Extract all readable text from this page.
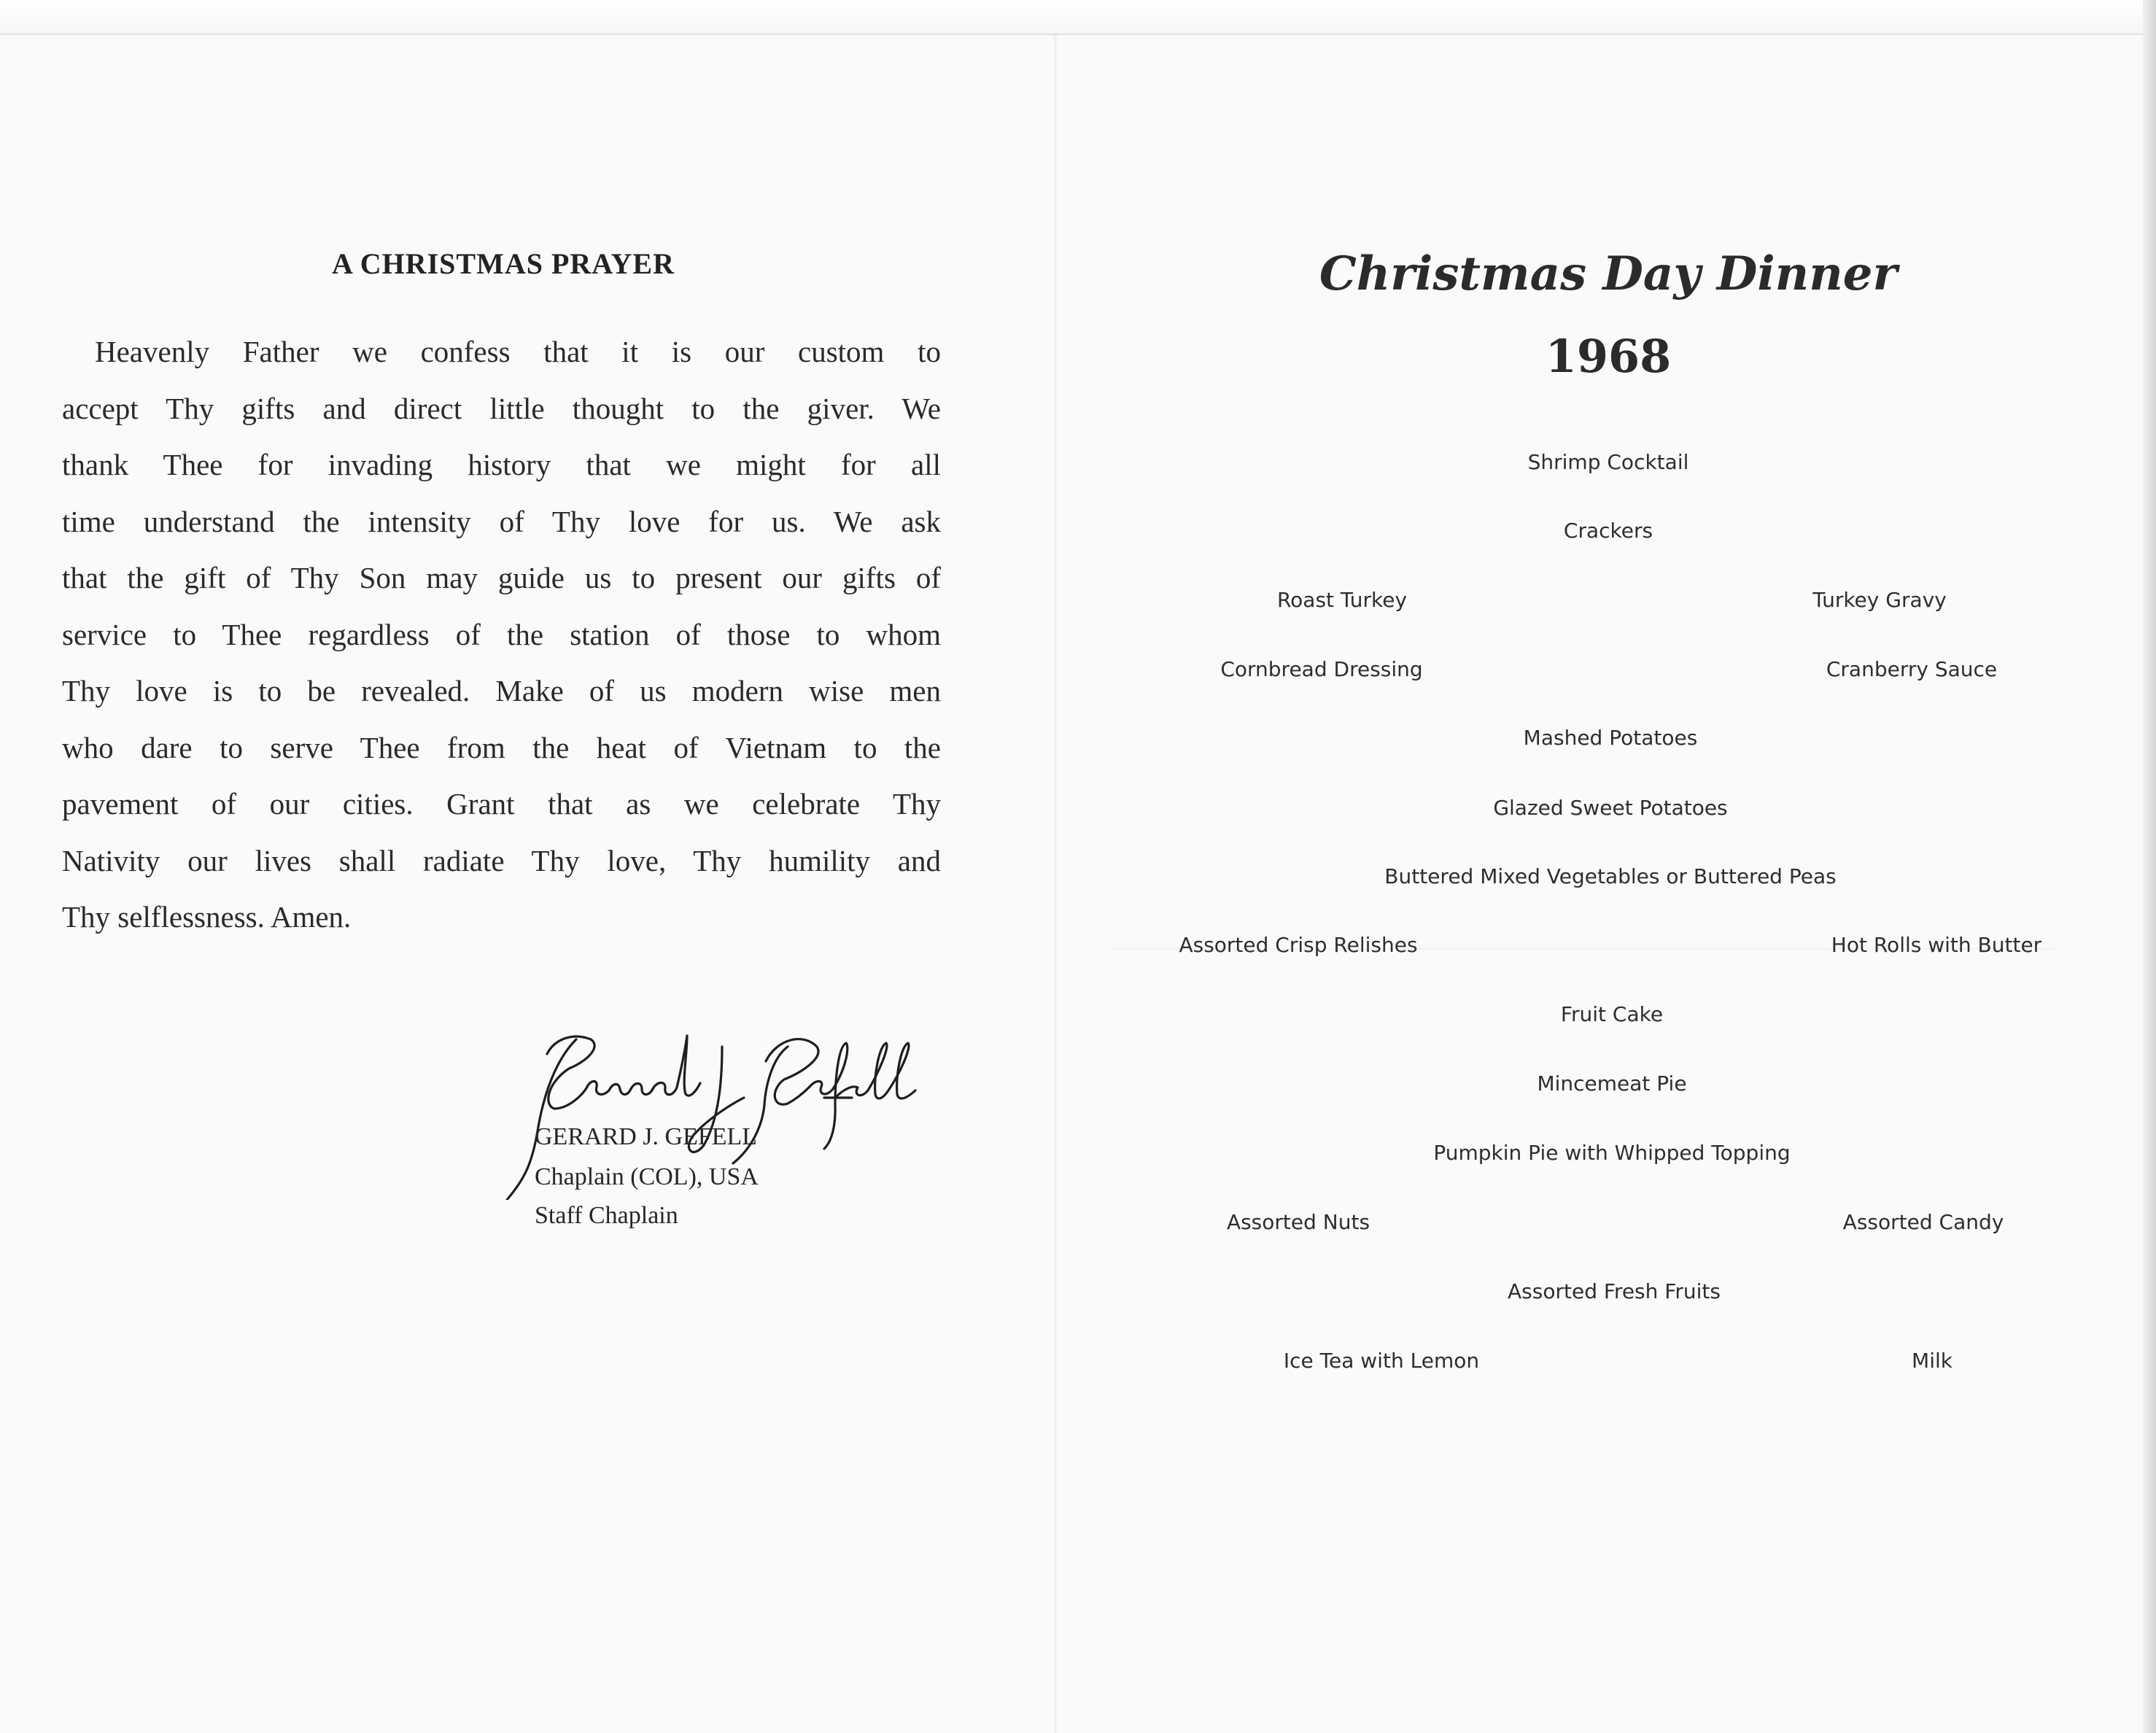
A CHRISTMAS PRAYER
Heavenly Father we confess that it is our custom to
accept Thy gifts and direct little thought to the giver. We
thank Thee for invading history that we might for all
time understand the intensity of Thy love for us. We ask
that the gift of Thy Son may guide us to present our gifts of
service to Thee regardless of the station of those to whom
Thy love is to be revealed. Make of us modern wise men
who dare to serve Thee from the heat of Vietnam to the
pavement of our cities. Grant that as we celebrate Thy
Nativity our lives shall radiate Thy love, Thy humility and
Thy selflessness. Amen.
GERARD J. GEFELL
Chaplain (COL), USA
Staff Chaplain
Christmas Day Dinner
1968
Shrimp Cocktail
Crackers
Roast Turkey	Turkey Gravy
Cornbread Dressing	Cranberry Sauce
Mashed Potatoes
Glazed Sweet Potatoes
Buttered Mixed Vegetables or Buttered Peas
Assorted Crisp Relishes	Hot Rolls with Butter
Fruit Cake
Mincemeat Pie
Pumpkin Pie with Whipped Topping
Assorted Nuts	Assorted Candy
Assorted Fresh Fruits
Ice Tea with Lemon	Milk
